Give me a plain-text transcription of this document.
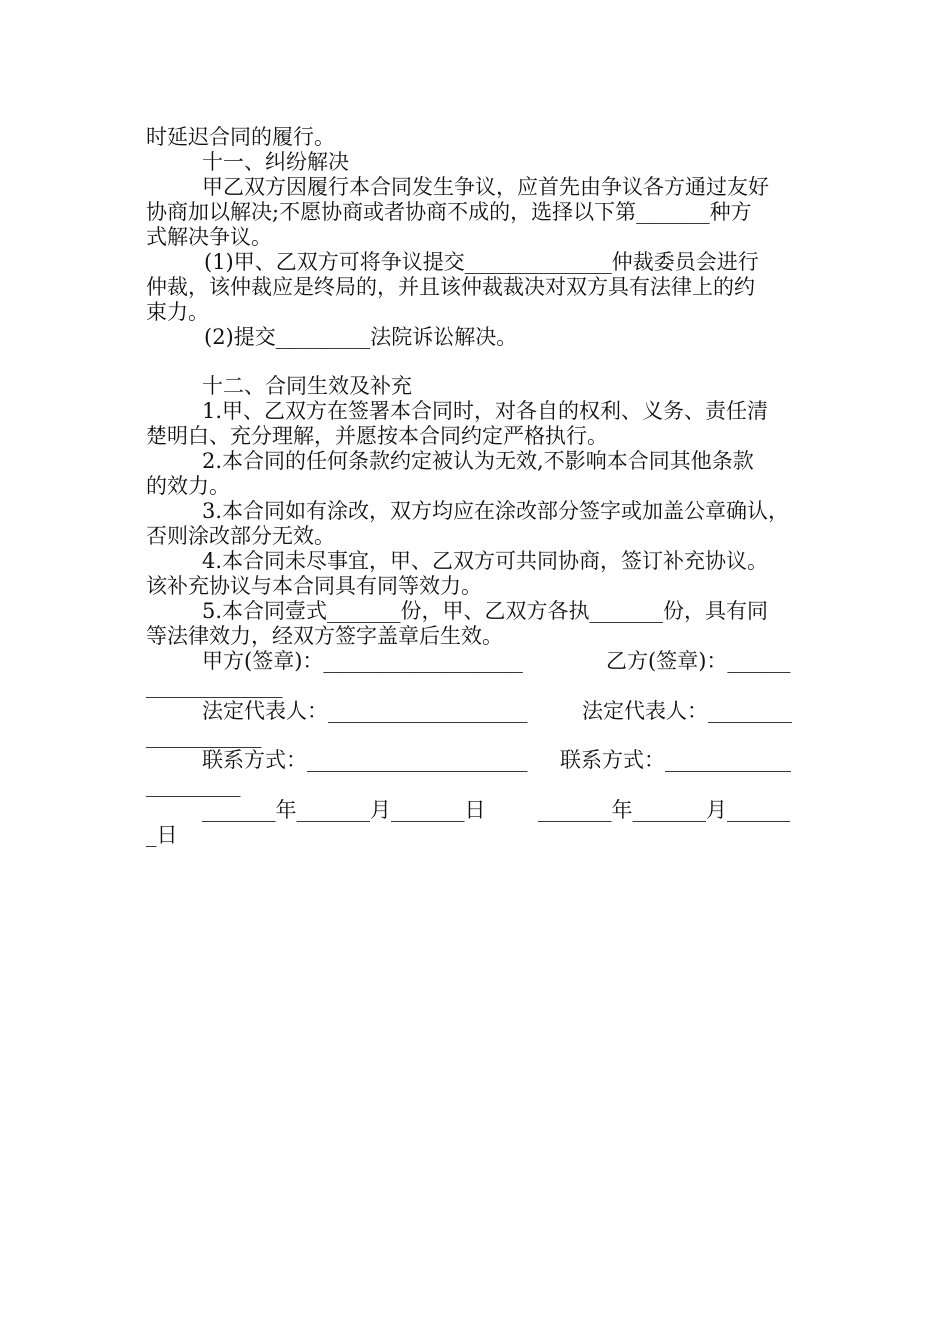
时延迟合同的履行。
十一、纠纷解决
甲乙双方因履行本合同发生争议，应首先由争议各方通过友好
协商加以解决;不愿协商或者协商不成的，选择以下第_______种方
式解决争议。
(1)甲、乙双方可将争议提交______________仲裁委员会进行
仲裁，该仲裁应是终局的，并且该仲裁裁决对双方具有法律上的约
束力。
(2)提交_________法院诉讼解决。
十二、合同生效及补充
1.甲、乙双方在签署本合同时，对各自的权利、义务、责任清
楚明白、充分理解，并愿按本合同约定严格执行。
2.本合同的任何条款约定被认为无效,不影响本合同其他条款
的效力。
3.本合同如有涂改，双方均应在涂改部分签字或加盖公章确认，
否则涂改部分无效。
4.本合同未尽事宜，甲、乙双方可共同协商，签订补充协议。
该补充协议与本合同具有同等效力。
5.本合同壹式_______份，甲、乙双方各执_______份，具有同
等法律效力，经双方签字盖章后生效。
甲方(签章)：___________________	乙方(签章)：______
_____________
法定代表人：___________________	法定代表人：________
___________
联系方式：_____________________ 联系方式：____________
_________
_______年_______月_______日	_______年_______月______
_日
